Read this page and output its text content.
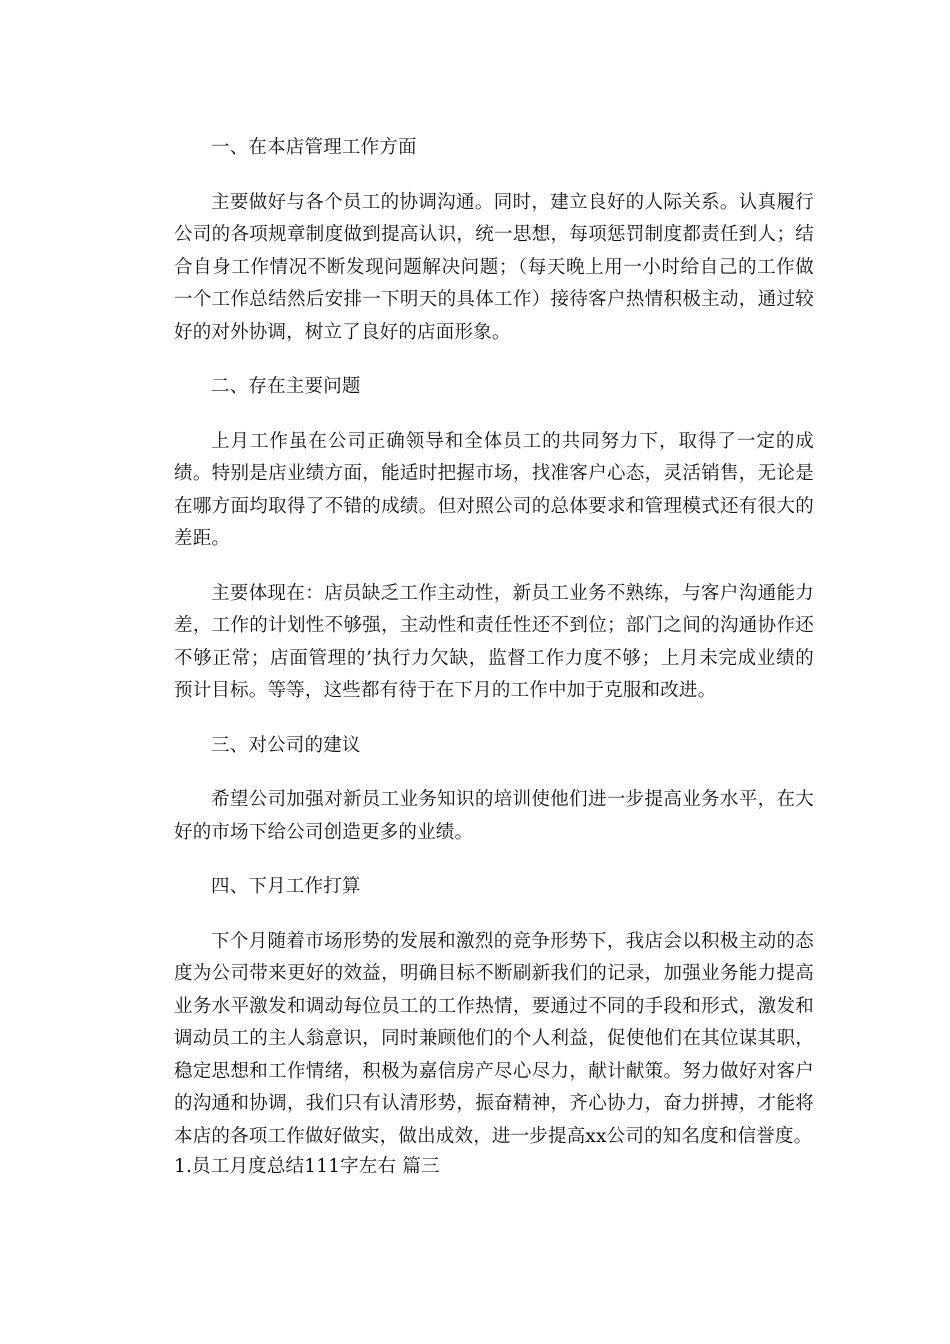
一、在本店管理工作方面

主要做好与各个员工的协调沟通。同时，建立良好的人际关系。认真履行公司的各项规章制度做到提高认识，统一思想，每项惩罚制度都责任到人；结合自身工作情况不断发现问题解决问题；（每天晚上用一小时给自己的工作做一个工作总结然后安排一下明天的具体工作）接待客户热情积极主动，通过较好的对外协调，树立了良好的店面形象。

二、存在主要问题

上月工作虽在公司正确领导和全体员工的共同努力下，取得了一定的成绩。特别是店业绩方面，能适时把握市场，找准客户心态，灵活销售，无论是在哪方面均取得了不错的成绩。但对照公司的总体要求和管理模式还有很大的差距。

主要体现在：店员缺乏工作主动性，新员工业务不熟练，与客户沟通能力差，工作的计划性不够强，主动性和责任性还不到位；部门之间的沟通协作还不够正常；店面管理的’执行力欠缺，监督工作力度不够；上月未完成业绩的预计目标。等等，这些都有待于在下月的工作中加于克服和改进。

三、对公司的建议

希望公司加强对新员工业务知识的培训使他们进一步提高业务水平，在大好的市场下给公司创造更多的业绩。

四、下月工作打算

下个月随着市场形势的发展和激烈的竞争形势下，我店会以积极主动的态度为公司带来更好的效益，明确目标不断刷新我们的记录，加强业务能力提高业务水平激发和调动每位员工的工作热情，要通过不同的手段和形式，激发和调动员工的主人翁意识，同时兼顾他们的个人利益，促使他们在其位谋其职，稳定思想和工作情绪，积极为嘉信房产尽心尽力，献计献策。努力做好对客户的沟通和协调，我们只有认清形势，振奋精神，齐心协力，奋力拼搏，才能将本店的各项工作做好做实，做出成效，进一步提高xx公司的知名度和信誉度。

1.员工月度总结111字左右 篇三
